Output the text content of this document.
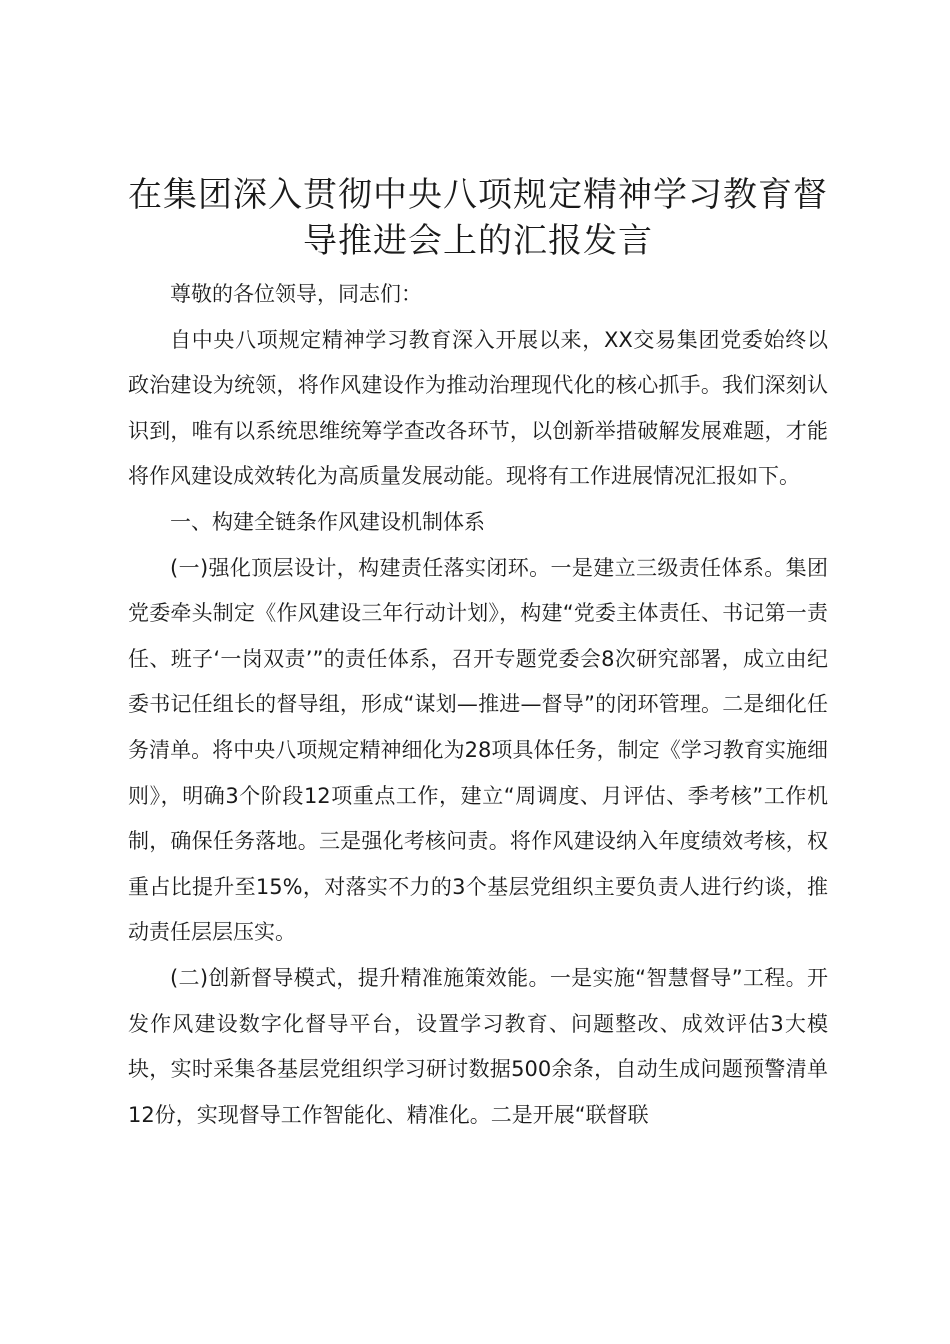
在集团深入贯彻中央八项规定精神学习教育督
导推进会上的汇报发言

尊敬的各位领导，同志们：

自中央八项规定精神学习教育深入开展以来，XX交易集团党委始终以政治建设为统领，将作风建设作为推动治理现代化的核心抓手。我们深刻认识到，唯有以系统思维统筹学查改各环节，以创新举措破解发展难题，才能将作风建设成效转化为高质量发展动能。现将有工作进展情况汇报如下。

一、构建全链条作风建设机制体系

(一)强化顶层设计，构建责任落实闭环。一是建立三级责任体系。集团党委牵头制定《作风建设三年行动计划》，构建“党委主体责任、书记第一责任、班子‘一岗双责’”的责任体系，召开专题党委会8次研究部署，成立由纪委书记任组长的督导组，形成“谋划—推进—督导”的闭环管理。二是细化任务清单。将中央八项规定精神细化为28项具体任务，制定《学习教育实施细则》，明确3个阶段12项重点工作，建立“周调度、月评估、季考核”工作机制，确保任务落地。三是强化考核问责。将作风建设纳入年度绩效考核，权重占比提升至15%，对落实不力的3个基层党组织主要负责人进行约谈，推动责任层层压实。

(二)创新督导模式，提升精准施策效能。一是实施“智慧督导”工程。开发作风建设数字化督导平台，设置学习教育、问题整改、成效评估3大模块，实时采集各基层党组织学习研讨数据500余条，自动生成问题预警清单12份，实现督导工作智能化、精准化。二是开展“联督联
